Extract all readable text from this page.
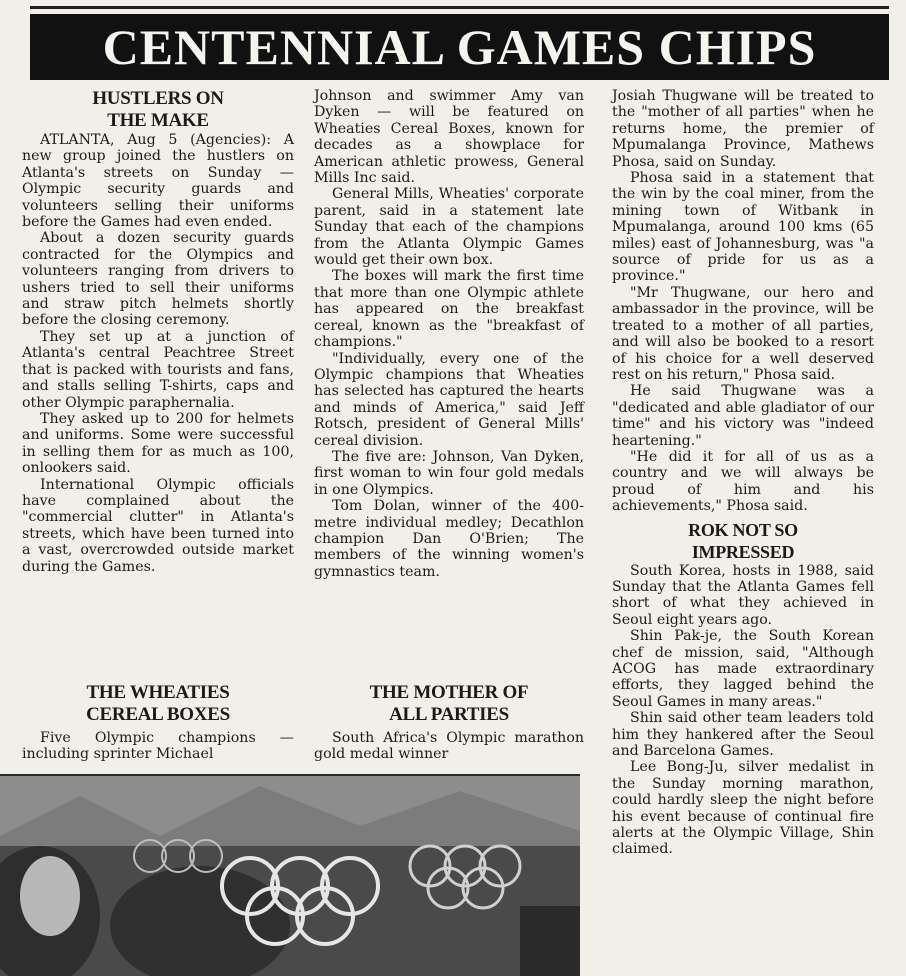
CENTENNIAL GAMES CHIPS
HUSTLERS ON
THE MAKE

ATLANTA, Aug 5 (Agencies): A new group joined the hustlers on Atlanta's streets on Sunday — Olympic security guards and volunteers selling their uniforms before the Games had even ended.

About a dozen security guards contracted for the Olympics and volunteers ranging from drivers to ushers tried to sell their uniforms and straw pitch helmets shortly before the closing ceremony.

They set up at a junction of Atlanta's central Peachtree Street that is packed with tourists and fans, and stalls selling T-shirts, caps and other Olympic paraphernalia.

They asked up to 200 for helmets and uniforms. Some were successful in selling them for as much as 100, onlookers said.

International Olympic officials have complained about the "commercial clutter" in Atlanta's streets, which have been turned into a vast, overcrowded outside market during the Games.

Johnson and swimmer Amy van Dyken — will be featured on Wheaties Cereal Boxes, known for decades as a showplace for American athletic prowess, General Mills Inc said.

General Mills, Wheaties' corporate parent, said in a statement late Sunday that each of the champions from the Atlanta Olympic Games would get their own box.

The boxes will mark the first time that more than one Olympic athlete has appeared on the breakfast cereal, known as the "breakfast of champions."

"Individually, every one of the Olympic champions that Wheaties has selected has captured the hearts and minds of America," said Jeff Rotsch, president of General Mills' cereal division.

The five are: Johnson, Van Dyken, first woman to win four gold medals in one Olympics.

Tom Dolan, winner of the 400-metre individual medley; Decathlon champion Dan O'Brien; The members of the winning women's gymnastics team.

Josiah Thugwane will be treated to the "mother of all parties" when he returns home, the premier of Mpumalanga Province, Mathews Phosa, said on Sunday.

Phosa said in a statement that the win by the coal miner, from the mining town of Witbank in Mpumalanga, around 100 kms (65 miles) east of Johannesburg, was "a source of pride for us as a province."

"Mr Thugwane, our hero and ambassador in the province, will be treated to a mother of all parties, and will also be booked to a resort of his choice for a well deserved rest on his return," Phosa said.

He said Thugwane was a "dedicated and able gladiator of our time" and his victory was "indeed heartening."

"He did it for all of us as a country and we will always be proud of him and his achievements," Phosa said.

ROK NOT SO
IMPRESSED

South Korea, hosts in 1988, said Sunday that the Atlanta Games fell short of what they achieved in Seoul eight years ago.

Shin Pak-je, the South Korean chef de mission, said, "Although ACOG has made extraordinary efforts, they lagged behind the Seoul Games in many areas."

Shin said other team leaders told him they hankered after the Seoul and Barcelona Games.

Lee Bong-Ju, silver medalist in the Sunday morning marathon, could hardly sleep the night before his event because of continual fire alerts at the Olympic Village, Shin claimed.

THE WHEATIES
CEREAL BOXES
Five Olympic champions — including sprinter Michael
THE MOTHER OF
ALL PARTIES
South Africa's Olympic marathon gold medal winner
